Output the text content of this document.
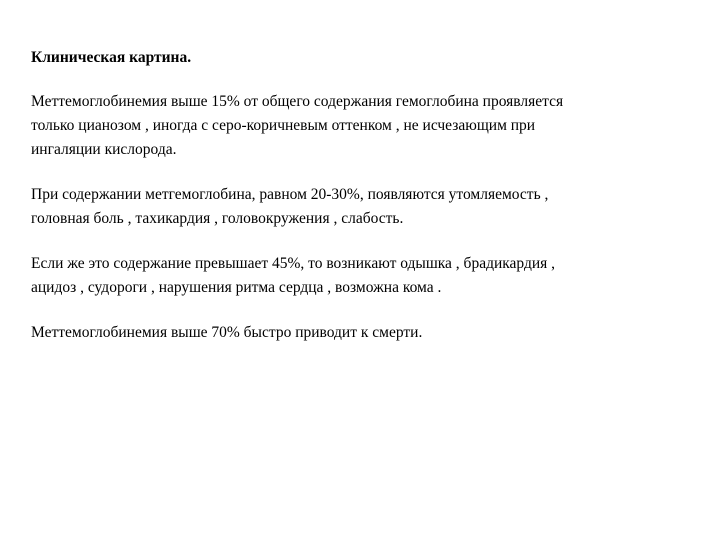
Клиническая картина.
Меттемоглобинемия выше 15% от общего содержания гемоглобина проявляется
только цианозом , иногда с серо-коричневым оттенком , не исчезающим при
ингаляции кислорода.
При содержании метгемоглобина, равном 20-30%, появляются утомляемость ,
головная боль , тахикардия , головокружения , слабость.
Если же это содержание превышает 45%, то возникают одышка , брадикардия ,
ацидоз , судороги , нарушения ритма сердца , возможна кома .
Меттемоглобинемия выше 70% быстро приводит к смерти.
